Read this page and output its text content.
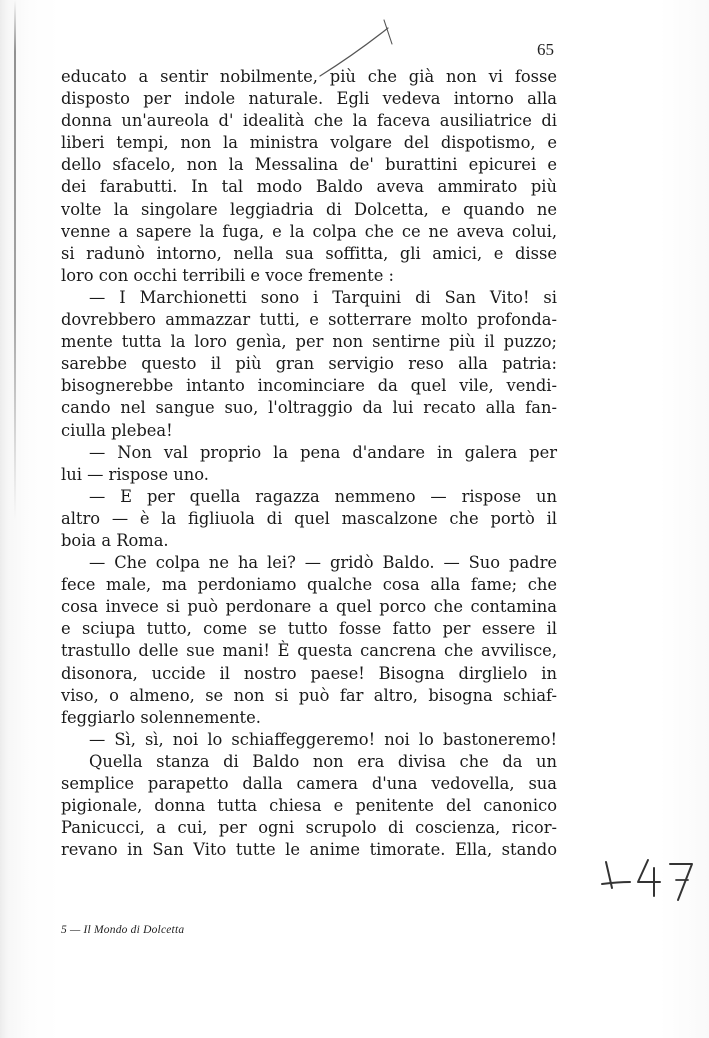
65
educato a sentir nobilmente, più che già non vi fosse
disposto per indole naturale. Egli vedeva intorno alla
donna un'aureola d' idealità che la faceva ausiliatrice di
liberi tempi, non la ministra volgare del dispotismo, e
dello sfacelo, non la Messalina de' burattini epicurei e
dei farabutti. In tal modo Baldo aveva ammirato più
volte la singolare leggiadria di Dolcetta, e quando ne
venne a sapere la fuga, e la colpa che ce ne aveva colui,
si radunò intorno, nella sua soffitta, gli amici, e disse
loro con occhi terribili e voce fremente :
— I Marchionetti sono i Tarquini di San Vito! si
dovrebbero ammazzar tutti, e sotterrare molto profonda-
mente tutta la loro genìa, per non sentirne più il puzzo;
sarebbe questo il più gran servigio reso alla patria:
bisognerebbe intanto incominciare da quel vile, vendi-
cando nel sangue suo, l'oltraggio da lui recato alla fan-
ciulla plebea!
— Non val proprio la pena d'andare in galera per
lui — rispose uno.
— E per quella ragazza nemmeno — rispose un
altro — è la figliuola di quel mascalzone che portò il
boia a Roma.
— Che colpa ne ha lei? — gridò Baldo. — Suo padre
fece male, ma perdoniamo qualche cosa alla fame; che
cosa invece si può perdonare a quel porco che contamina
e sciupa tutto, come se tutto fosse fatto per essere il
trastullo delle sue mani! È questa cancrena che avvilisce,
disonora, uccide il nostro paese! Bisogna dirglielo in
viso, o almeno, se non si può far altro, bisogna schiaf-
feggiarlo solennemente.
— Sì, sì, noi lo schiaffeggeremo! noi lo bastoneremo!
Quella stanza di Baldo non era divisa che da un
semplice parapetto dalla camera d'una vedovella, sua
pigionale, donna tutta chiesa e penitente del canonico
Panicucci, a cui, per ogni scrupolo di coscienza, ricor-
revano in San Vito tutte le anime timorate. Ella, stando
5 — Il Mondo di Dolcetta
